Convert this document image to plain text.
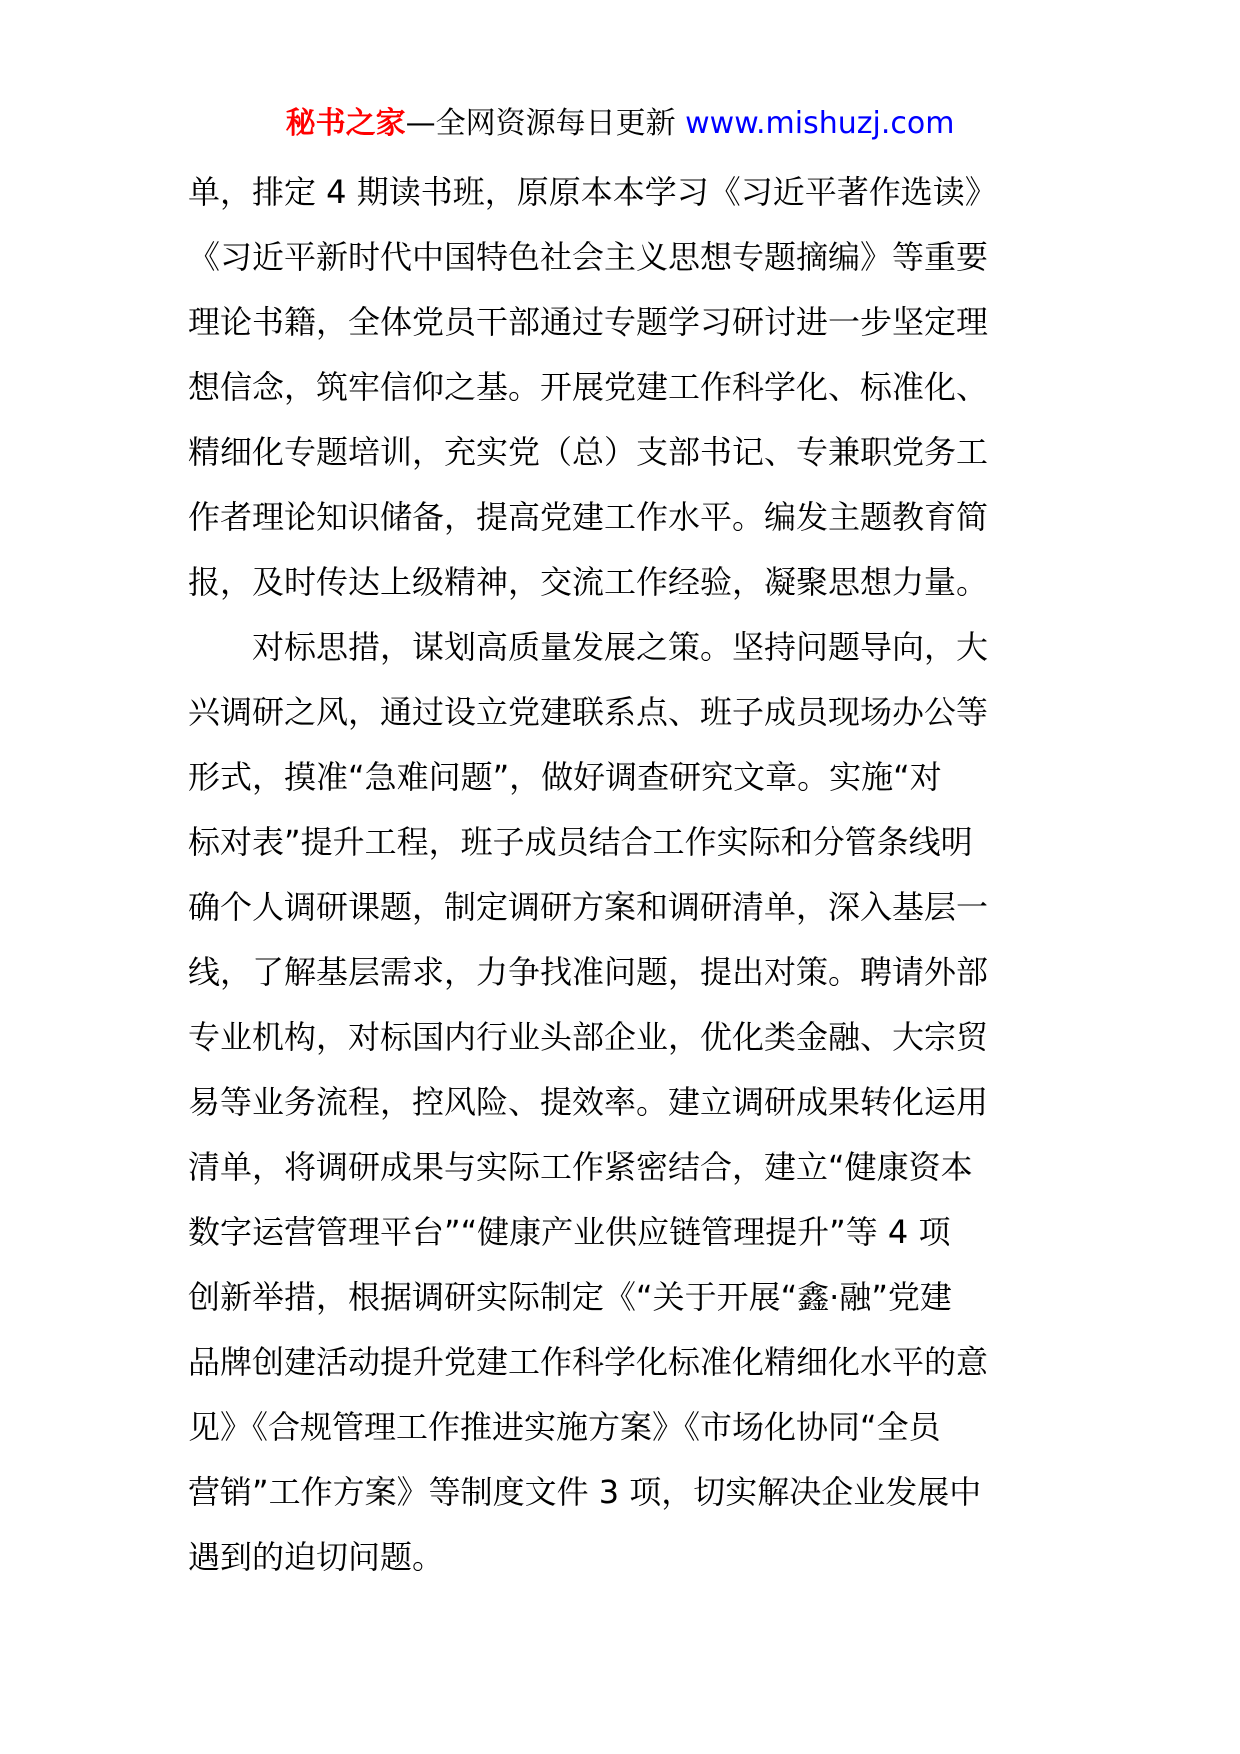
秘书之家—全网资源每日更新 www.mishuzj.com
单，排定 4 期读书班，原原本本学习《习近平著作选读》
《习近平新时代中国特色社会主义思想专题摘编》等重要
理论书籍，全体党员干部通过专题学习研讨进一步坚定理
想信念，筑牢信仰之基。开展党建工作科学化、标准化、
精细化专题培训，充实党（总）支部书记、专兼职党务工
作者理论知识储备，提高党建工作水平。编发主题教育简
报，及时传达上级精神，交流工作经验，凝聚思想力量。
对标思措，谋划高质量发展之策。坚持问题导向，大
兴调研之风，通过设立党建联系点、班子成员现场办公等
形式，摸准“急难问题”，做好调查研究文章。实施“对
标对表”提升工程，班子成员结合工作实际和分管条线明
确个人调研课题，制定调研方案和调研清单，深入基层一
线，了解基层需求，力争找准问题，提出对策。聘请外部
专业机构，对标国内行业头部企业，优化类金融、大宗贸
易等业务流程，控风险、提效率。建立调研成果转化运用
清单，将调研成果与实际工作紧密结合，建立“健康资本
数字运营管理平台”“健康产业供应链管理提升”等 4 项
创新举措，根据调研实际制定《“关于开展“鑫·融”党建
品牌创建活动提升党建工作科学化标准化精细化水平的意
见》《合规管理工作推进实施方案》《市场化协同“全员
营销”工作方案》等制度文件 3 项，切实解决企业发展中
遇到的迫切问题。
